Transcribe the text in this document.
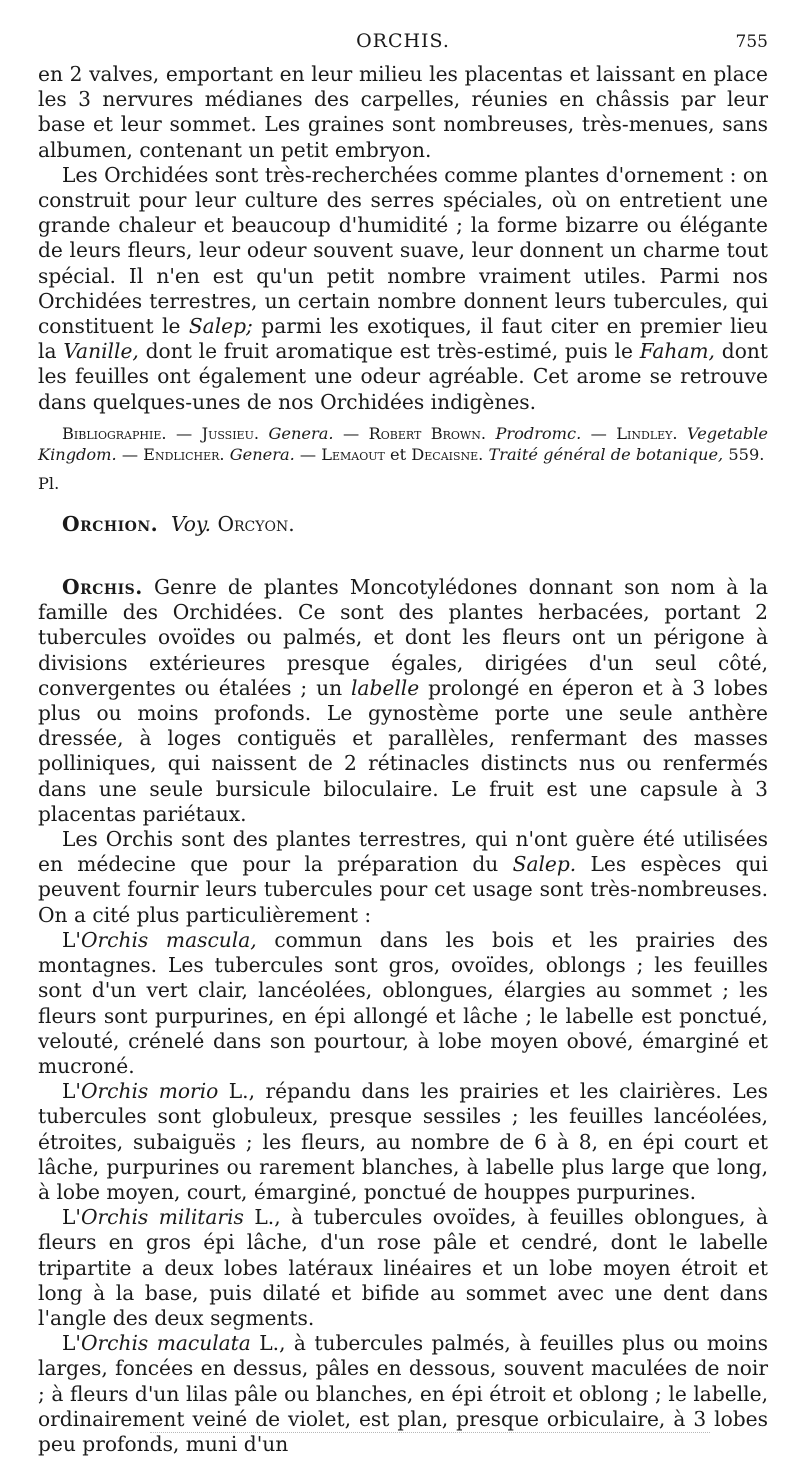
ORCHIS.	755

en 2 valves, emportant en leur milieu les placentas et laissant en place les 3 nervures médianes des carpelles, réunies en châssis par leur base et leur sommet. Les graines sont nombreuses, très-menues, sans albumen, contenant un petit embryon.

Les Orchidées sont très-recherchées comme plantes d'ornement : on construit pour leur culture des serres spéciales, où on entretient une grande chaleur et beaucoup d'humidité ; la forme bizarre ou élégante de leurs fleurs, leur odeur souvent suave, leur donnent un charme tout spécial. Il n'en est qu'un petit nombre vraiment utiles. Parmi nos Orchidées terrestres, un certain nombre donnent leurs tubercules, qui constituent le Salep; parmi les exotiques, il faut citer en premier lieu la Vanille, dont le fruit aromatique est très-estimé, puis le Faham, dont les feuilles ont également une odeur agréable. Cet arome se retrouve dans quelques-unes de nos Orchidées indigènes.

Bibliographie. — Jussieu. Genera. — Robert Brown. Prodromc. — Lindley. Vegetable Kingdom. — Endlicher. Genera. — Lemaout et Decaisne. Traité général de botanique, 559.

Pl.

Orchion. Voy. Orcyon.

Orchis. Genre de plantes Moncotylédones donnant son nom à la famille des Orchidées. Ce sont des plantes herbacées, portant 2 tubercules ovoïdes ou palmés, et dont les fleurs ont un périgone à divisions extérieures presque égales, dirigées d'un seul côté, convergentes ou étalées ; un labelle prolongé en éperon et à 3 lobes plus ou moins profonds. Le gynostème porte une seule anthère dressée, à loges contiguës et parallèles, renfermant des masses polliniques, qui naissent de 2 rétinacles distincts nus ou renfermés dans une seule bursicule biloculaire. Le fruit est une capsule à 3 placentas pariétaux.

Les Orchis sont des plantes terrestres, qui n'ont guère été utilisées en médecine que pour la préparation du Salep. Les espèces qui peuvent fournir leurs tubercules pour cet usage sont très-nombreuses. On a cité plus particulièrement :

L'Orchis mascula, commun dans les bois et les prairies des montagnes. Les tubercules sont gros, ovoïdes, oblongs ; les feuilles sont d'un vert clair, lancéolées, oblongues, élargies au sommet ; les fleurs sont purpurines, en épi allongé et lâche ; le labelle est ponctué, velouté, crénelé dans son pourtour, à lobe moyen obové, émarginé et mucroné.

L'Orchis morio L., répandu dans les prairies et les clairières. Les tubercules sont globuleux, presque sessiles ; les feuilles lancéolées, étroites, subaiguës ; les fleurs, au nombre de 6 à 8, en épi court et lâche, purpurines ou rarement blanches, à labelle plus large que long, à lobe moyen, court, émarginé, ponctué de houppes purpurines.

L'Orchis militaris L., à tubercules ovoïdes, à feuilles oblongues, à fleurs en gros épi lâche, d'un rose pâle et cendré, dont le labelle tripartite a deux lobes latéraux linéaires et un lobe moyen étroit et long à la base, puis dilaté et bifide au sommet avec une dent dans l'angle des deux segments.

L'Orchis maculata L., à tubercules palmés, à feuilles plus ou moins larges, foncées en dessus, pâles en dessous, souvent maculées de noir ; à fleurs d'un lilas pâle ou blanches, en épi étroit et oblong ; le labelle, ordinairement veiné de violet, est plan, presque orbiculaire, à 3 lobes peu profonds, muni d'un
